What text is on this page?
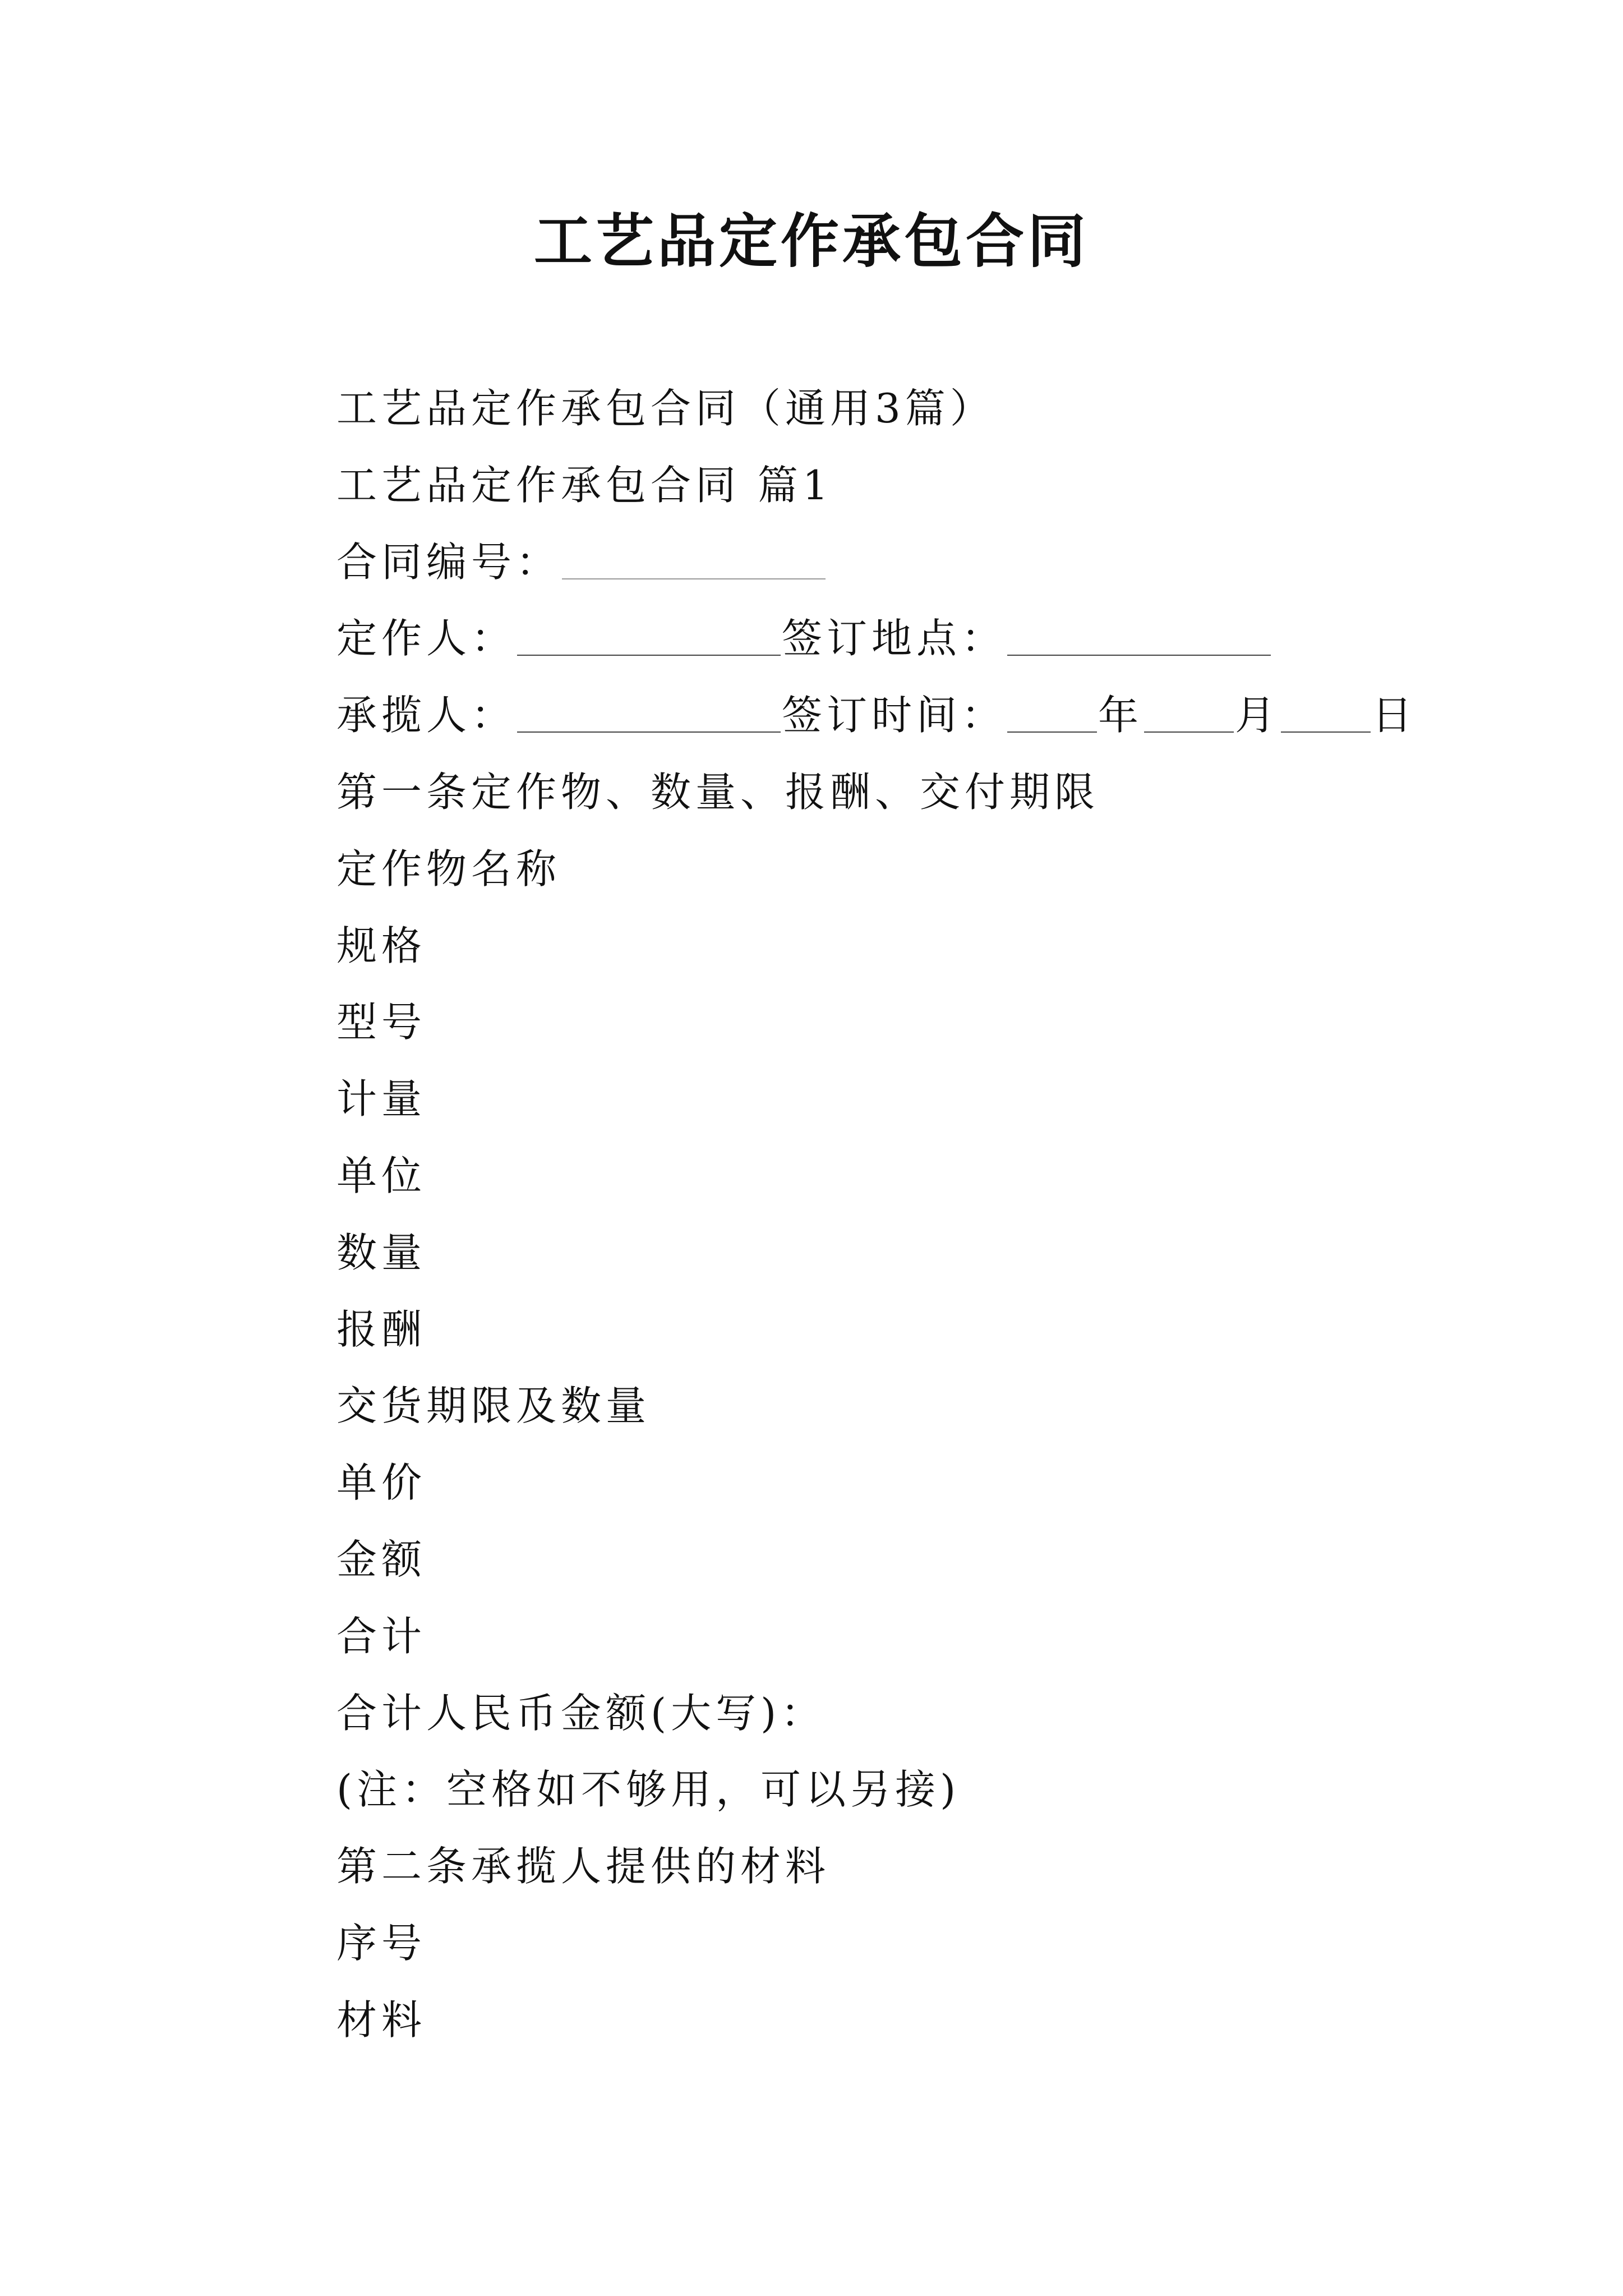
工艺品定作承包合同
工艺品定作承包合同（通用3篇）
工艺品定作承包合同 篇1
合同编号：
定作人：	签订地点：
承揽人：	签订时间： 年 月 日
第一条定作物、数量、报酬、交付期限
定作物名称
规格
型号
计量
单位
数量
报酬
交货期限及数量
单价
金额
合计
合计人民币金额(大写)：
(注：空格如不够用，可以另接)
第二条承揽人提供的材料
序号
材料
